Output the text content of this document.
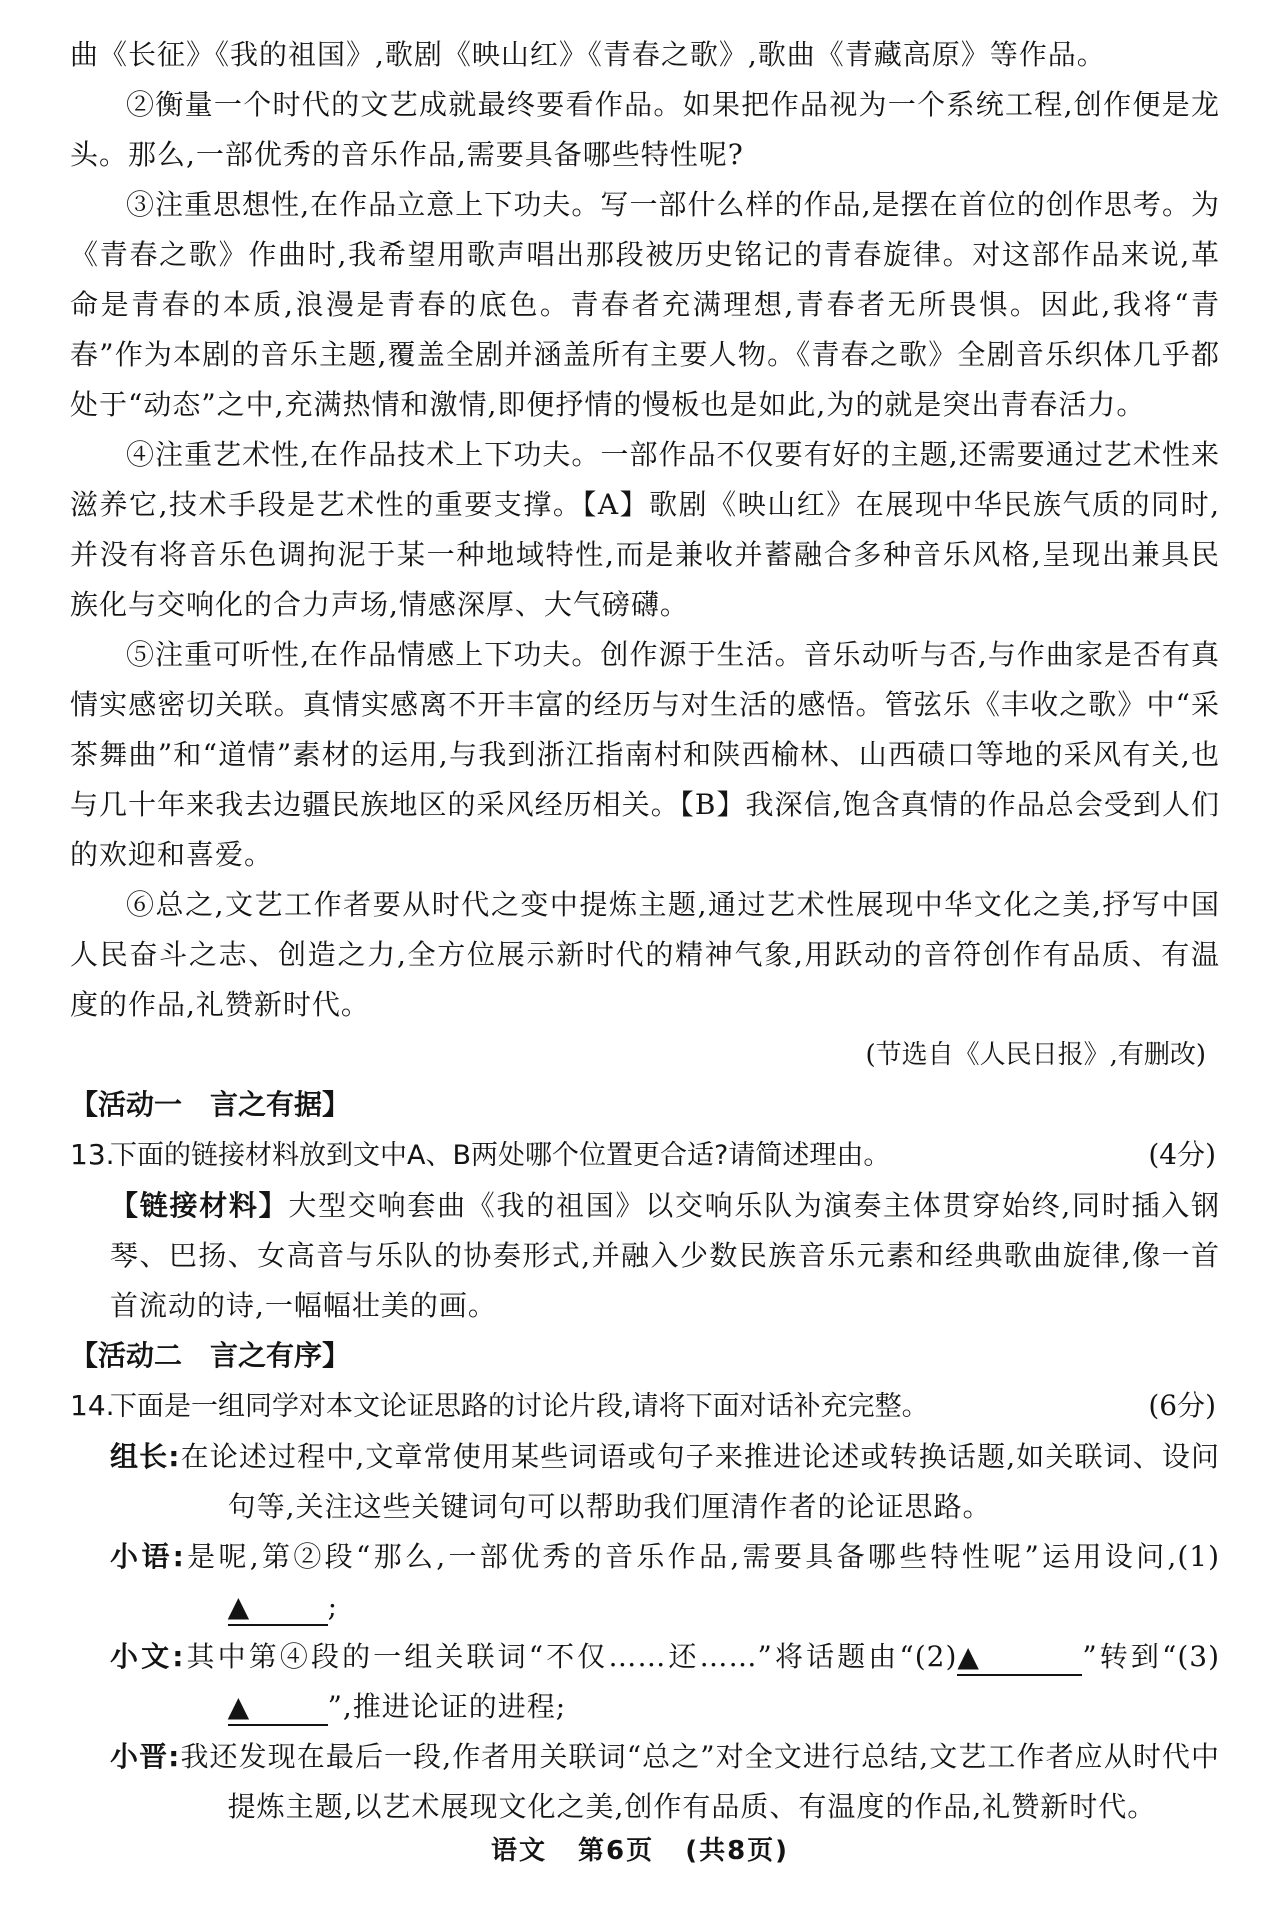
曲《长征》《我的祖国》,歌剧《映山红》《青春之歌》,歌曲《青藏高原》等作品。

②衡量一个时代的文艺成就最终要看作品。如果把作品视为一个系统工程,创作便是龙头。那么,一部优秀的音乐作品,需要具备哪些特性呢?

③注重思想性,在作品立意上下功夫。写一部什么样的作品,是摆在首位的创作思考。为《青春之歌》作曲时,我希望用歌声唱出那段被历史铭记的青春旋律。对这部作品来说,革命是青春的本质,浪漫是青春的底色。青春者充满理想,青春者无所畏惧。因此,我将“青春”作为本剧的音乐主题,覆盖全剧并涵盖所有主要人物。《青春之歌》全剧音乐织体几乎都处于“动态”之中,充满热情和激情,即便抒情的慢板也是如此,为的就是突出青春活力。

④注重艺术性,在作品技术上下功夫。一部作品不仅要有好的主题,还需要通过艺术性来滋养它,技术手段是艺术性的重要支撑。【A】歌剧《映山红》在展现中华民族气质的同时,并没有将音乐色调拘泥于某一种地域特性,而是兼收并蓄融合多种音乐风格,呈现出兼具民族化与交响化的合力声场,情感深厚、大气磅礴。

⑤注重可听性,在作品情感上下功夫。创作源于生活。音乐动听与否,与作曲家是否有真情实感密切关联。真情实感离不开丰富的经历与对生活的感悟。管弦乐《丰收之歌》中“采茶舞曲”和“道情”素材的运用,与我到浙江指南村和陕西榆林、山西碛口等地的采风有关,也与几十年来我去边疆民族地区的采风经历相关。【B】我深信,饱含真情的作品总会受到人们的欢迎和喜爱。

⑥总之,文艺工作者要从时代之变中提炼主题,通过艺术性展现中华文化之美,抒写中国人民奋斗之志、创造之力,全方位展示新时代的精神气象,用跃动的音符创作有品质、有温度的作品,礼赞新时代。

(节选自《人民日报》,有删改)

【活动一　言之有据】

13.
下面的链接材料放到文中A、B两处哪个位置更合适?请简述理由。	(4分)
【链接材料】大型交响套曲《我的祖国》以交响乐队为演奏主体贯穿始终,同时插入钢琴、巴扬、女高音与乐队的协奏形式,并融入少数民族音乐元素和经典歌曲旋律,像一首首流动的诗,一幅幅壮美的画。

【活动二　言之有序】

14.
下面是一组同学对本文论证思路的讨论片段,请将下面对话补充完整。	(6分)
组长:在论述过程中,文章常使用某些词语或句子来推进论述或转换话题,如关联词、设问句等,关注这些关键词句可以帮助我们厘清作者的论证思路。
小语:是呢,第②段“那么,一部优秀的音乐作品,需要具备哪些特性呢”运用设问,(1)▲	;
小文:其中第④段的一组关联词“不仅……还……”将话题由“(2)▲	”转到“(3)▲	”,推进论证的进程;
小晋:我还发现在最后一段,作者用关联词“总之”对全文进行总结,文艺工作者应从时代中提炼主题,以艺术展现文化之美,创作有品质、有温度的作品,礼赞新时代。
语文 第6页 (共8页)
